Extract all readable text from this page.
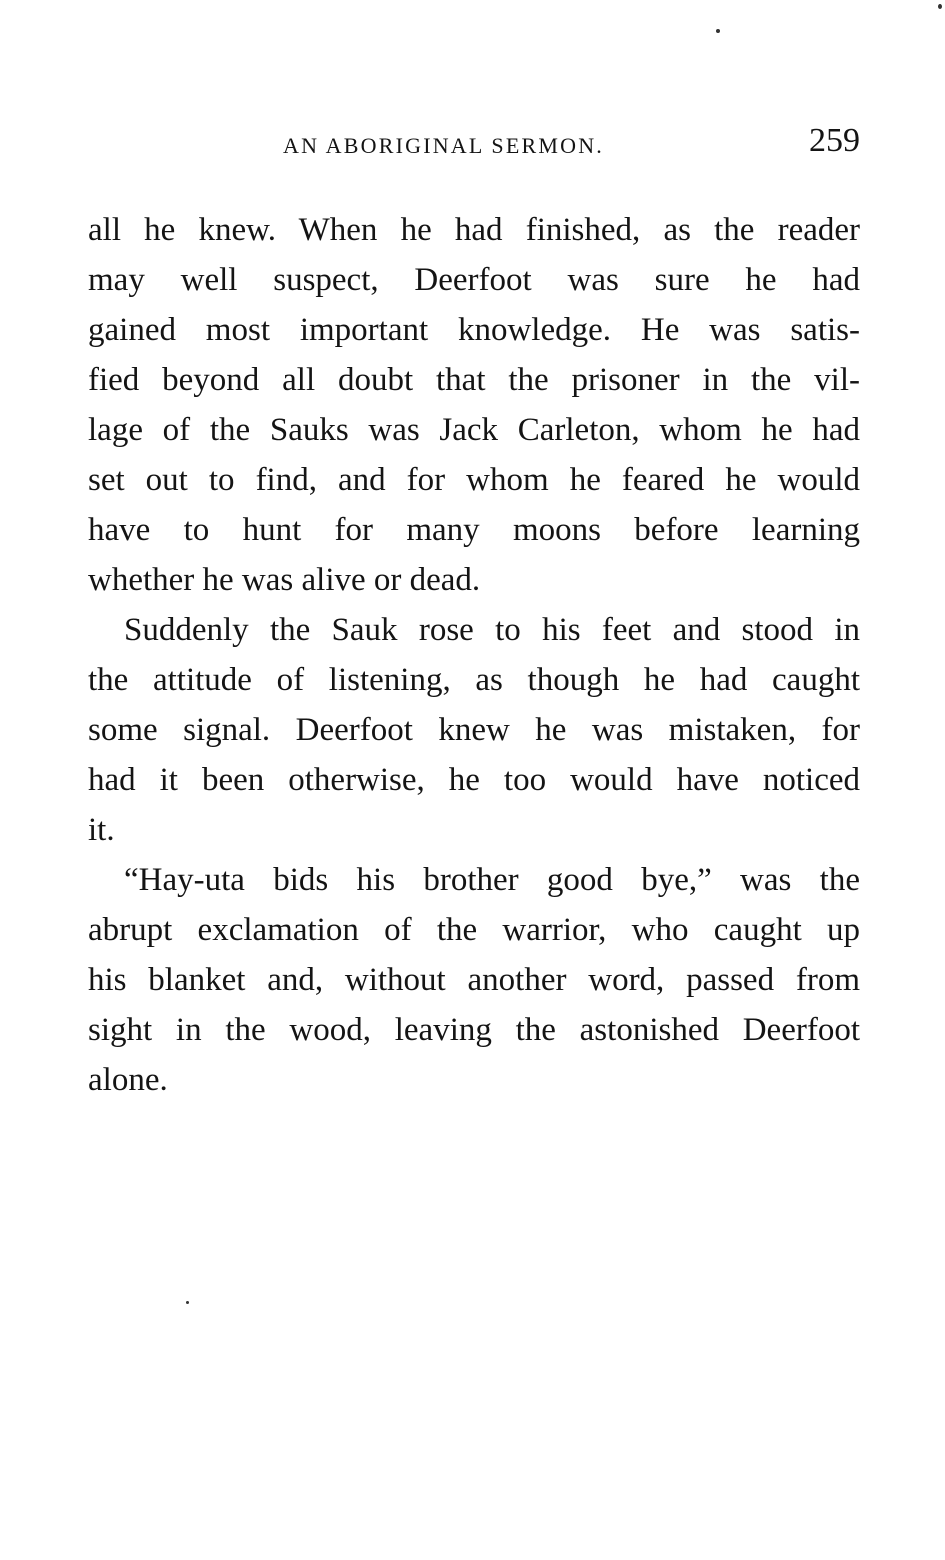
AN ABORIGINAL SERMON.	259
all he knew. When he had finished, as the reader
may well suspect, Deerfoot was sure he had
gained most important knowledge. He was satis-
fied beyond all doubt that the prisoner in the vil-
lage of the Sauks was Jack Carleton, whom he had
set out to find, and for whom he feared he would
have to hunt for many moons before learning
whether he was alive or dead.
Suddenly the Sauk rose to his feet and stood in
the attitude of listening, as though he had caught
some signal. Deerfoot knew he was mistaken, for
had it been otherwise, he too would have noticed
it.
“Hay-uta bids his brother good bye,” was the
abrupt exclamation of the warrior, who caught up
his blanket and, without another word, passed from
sight in the wood, leaving the astonished Deerfoot
alone.
